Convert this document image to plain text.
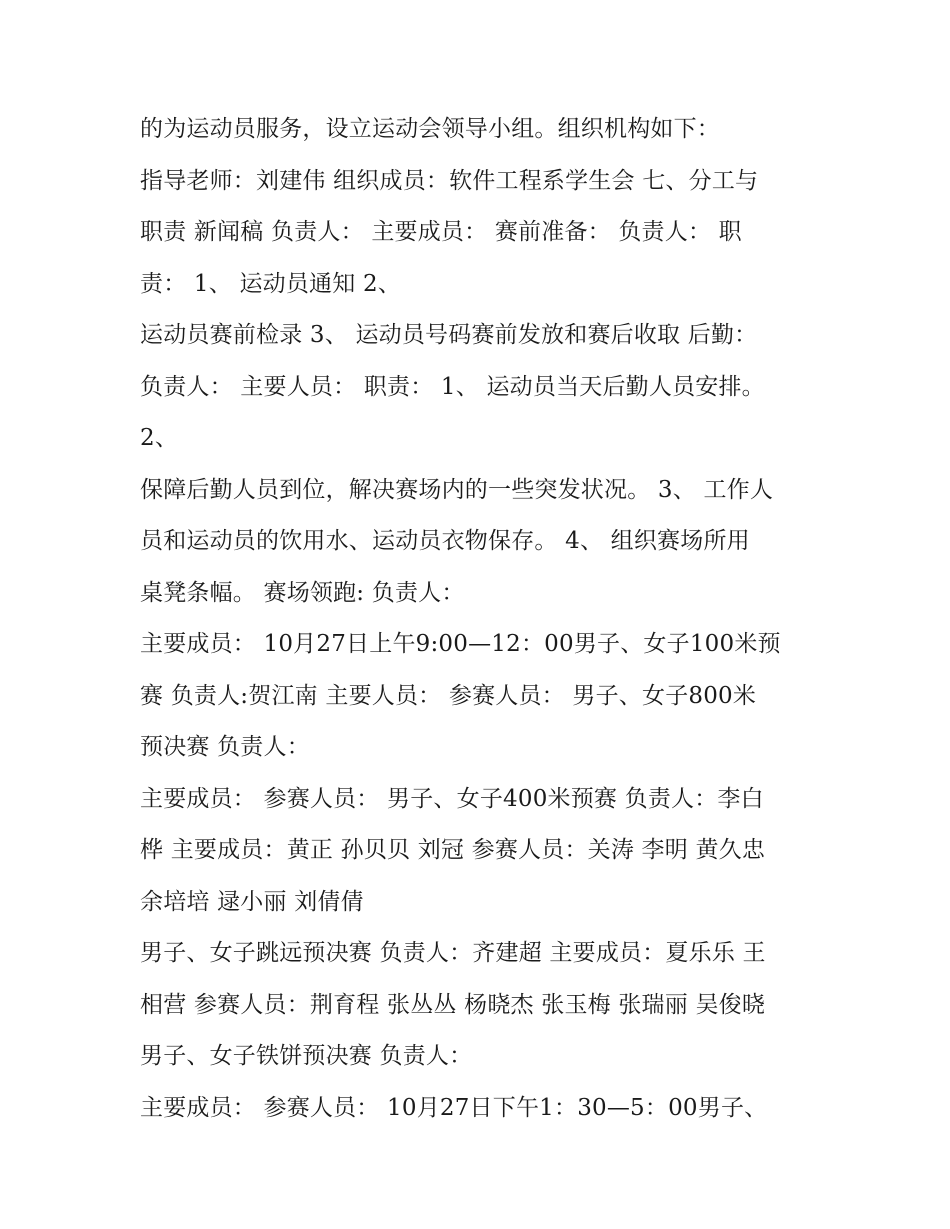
的为运动员服务，设立运动会领导小组。组织机构如下：
指导老师：刘建伟 组织成员：软件工程系学生会 七、分工与
职责 新闻稿 负责人： 主要成员： 赛前准备： 负责人： 职
责： 1、 运动员通知 2、
运动员赛前检录 3、 运动员号码赛前发放和赛后收取 后勤：
负责人： 主要人员： 职责： 1、 运动员当天后勤人员安排。
2、
保障后勤人员到位，解决赛场内的一些突发状况。 3、 工作人
员和运动员的饮用水、运动员衣物保存。 4、 组织赛场所用
桌凳条幅。 赛场领跑: 负责人：
主要成员： 10月27日上午9:00—12：00男子、女子100米预
赛 负责人:贺江南 主要人员： 参赛人员： 男子、女子800米
预决赛 负责人：
主要成员： 参赛人员： 男子、女子400米预赛 负责人：李白
桦 主要成员：黄正 孙贝贝 刘冠 参赛人员：关涛 李明 黄久忠
余培培 逯小丽 刘倩倩
男子、女子跳远预决赛 负责人：齐建超 主要成员：夏乐乐 王
相营 参赛人员：荆育程 张丛丛 杨晓杰 张玉梅 张瑞丽 吴俊晓
男子、女子铁饼预决赛 负责人：
主要成员： 参赛人员： 10月27日下午1：30—5：00男子、
